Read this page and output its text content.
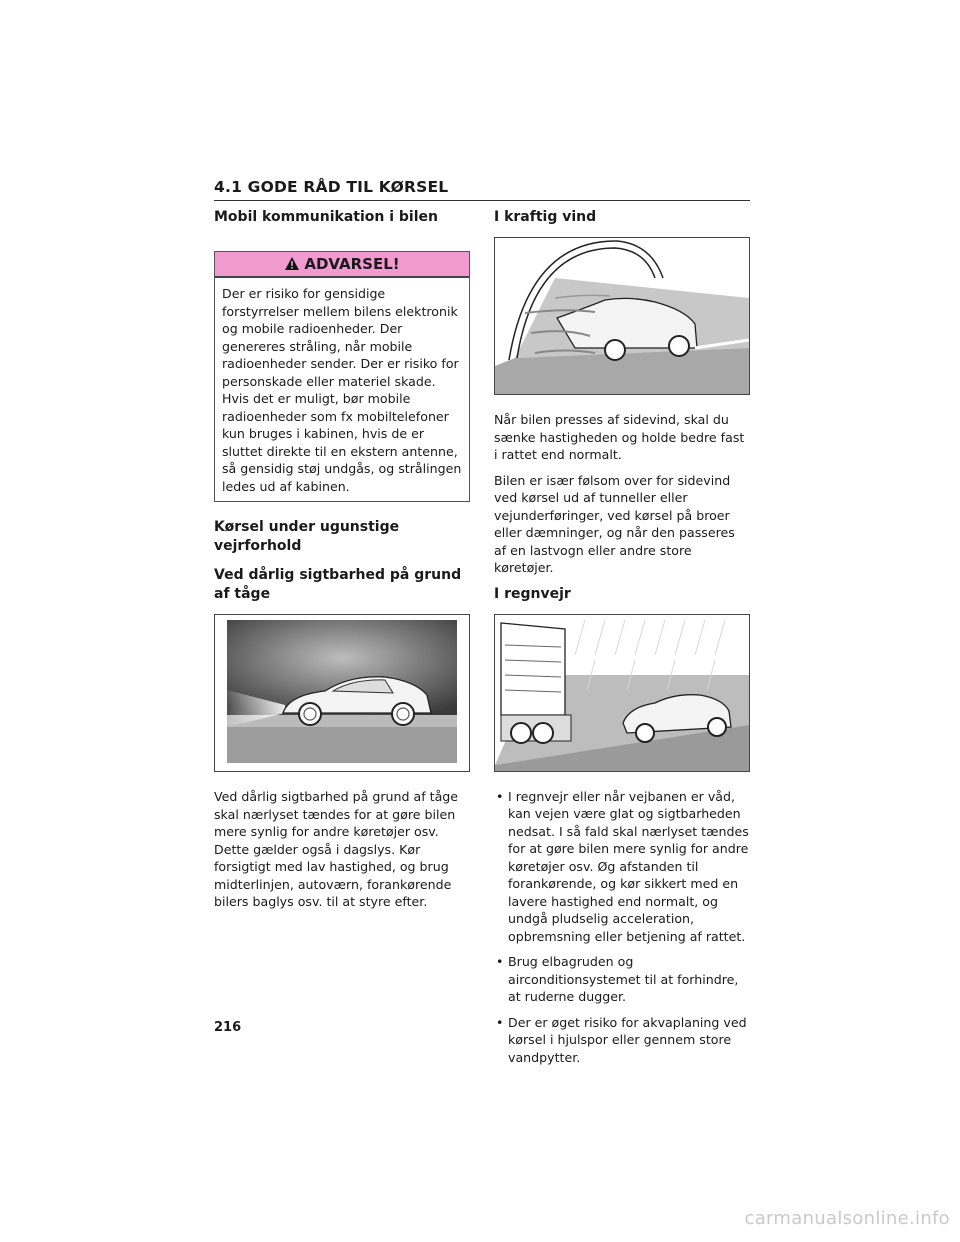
4.1 GODE RÅD TIL KØRSEL
Mobil kommunikation i bilen
ADVARSEL!

Der er risiko for gensidige forstyrrelser mellem bilens elektronik og mobile radioenheder. Der genereres stråling, når mobile radioenheder sender. Der er risiko for personskade eller materiel skade. Hvis det er muligt, bør mobile radioenheder som fx mobiltelefoner kun bruges i kabinen, hvis de er sluttet direkte til en ekstern antenne, så gensidig støj undgås, og strålingen ledes ud af kabinen.

Kørsel under ugunstige vejrforhold
Ved dårlig sigtbarhed på grund af tåge

Ved dårlig sigtbarhed på grund af tåge skal nærlyset tændes for at gøre bilen mere synlig for andre køretøjer osv. Dette gælder også i dagslys. Kør forsigtigt med lav hastighed, og brug midterlinjen, autoværn, forankørende bilers baglys osv. til at styre efter.

I kraftig vind

Når bilen presses af sidevind, skal du sænke hastigheden og holde bedre fast i rattet end normalt.

Bilen er især følsom over for sidevind ved kørsel ud af tunneller eller vejunderføringer, ved kørsel på broer eller dæmninger, og når den passeres af en lastvogn eller andre store køretøjer.

I regnvejr
• I regnvejr eller når vejbanen er våd, kan vejen være glat og sigtbarheden nedsat. I så fald skal nærlyset tændes for at gøre bilen mere synlig for andre køretøjer osv. Øg afstanden til forankørende, og kør sikkert med en lavere hastighed end normalt, og undgå pludselig acceleration, opbremsning eller betjening af rattet.
• Brug elbagruden og airconditionsystemet til at forhindre, at ruderne dugger.
• Der er øget risiko for akvaplaning ved kørsel i hjulspor eller gennem store vandpytter.
216
carmanualsonline.info
